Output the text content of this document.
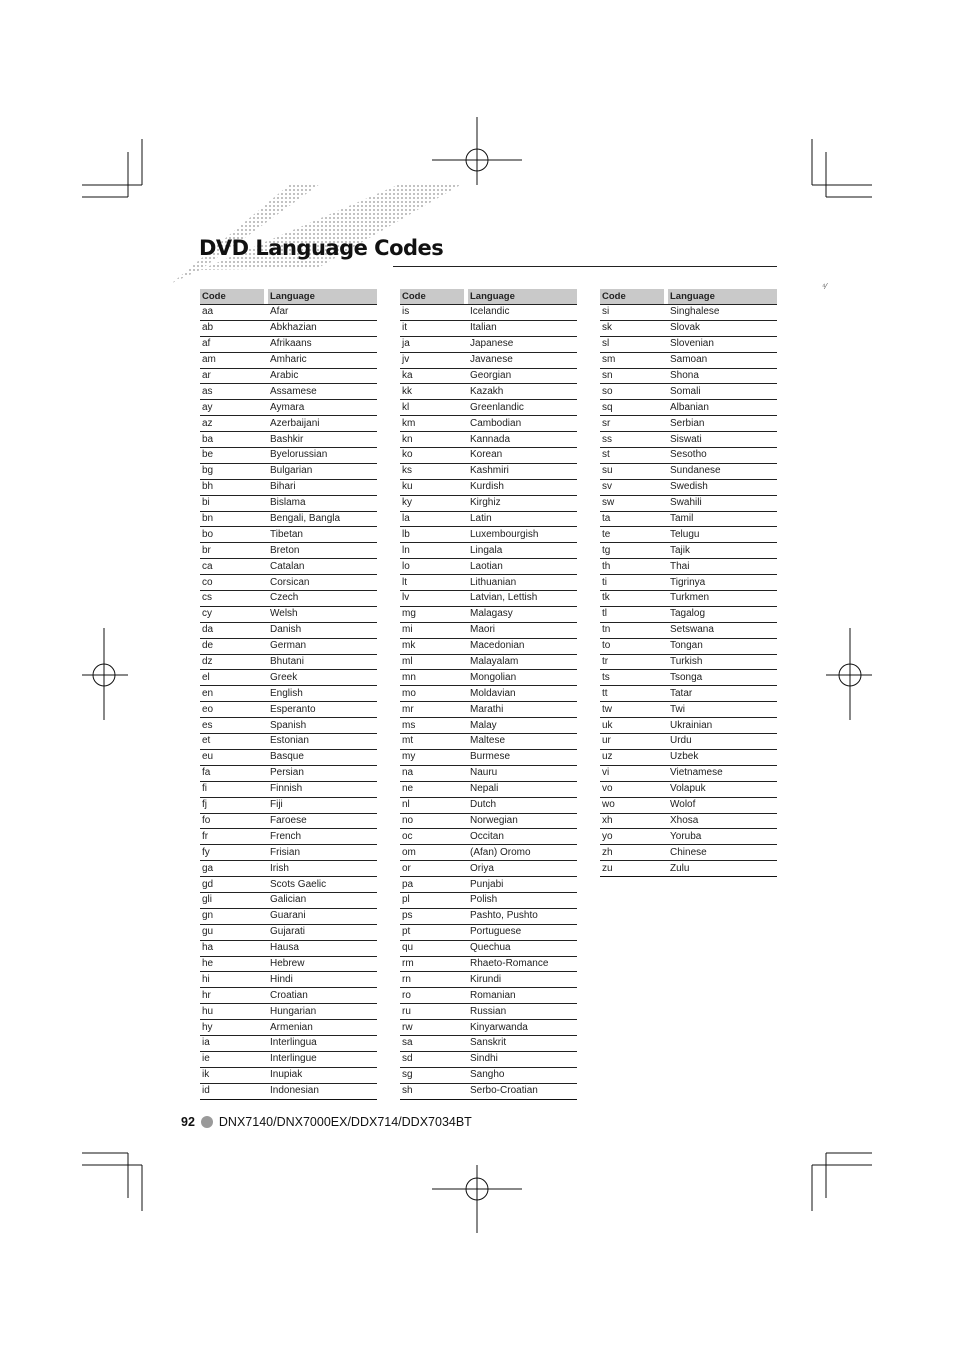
DVD Language Codes
⁴⁄
Code		Language
aa		Afar
ab		Abkhazian
af		Afrikaans
am		Amharic
ar		Arabic
as		Assamese
ay		Aymara
az		Azerbaijani
ba		Bashkir
be		Byelorussian
bg		Bulgarian
bh		Bihari
bi		Bislama
bn		Bengali, Bangla
bo		Tibetan
br		Breton
ca		Catalan
co		Corsican
cs		Czech
cy		Welsh
da		Danish
de		German
dz		Bhutani
el		Greek
en		English
eo		Esperanto
es		Spanish
et		Estonian
eu		Basque
fa		Persian
fi		Finnish
fj		Fiji
fo		Faroese
fr		French
fy		Frisian
ga		Irish
gd		Scots Gaelic
gli		Galician
gn		Guarani
gu		Gujarati
ha		Hausa
he		Hebrew
hi		Hindi
hr		Croatian
hu		Hungarian
hy		Armenian
ia		Interlingua
ie		Interlingue
ik		Inupiak
id		Indonesian
Code		Language
is		Icelandic
it		Italian
ja		Japanese
jv		Javanese
ka		Georgian
kk		Kazakh
kl		Greenlandic
km		Cambodian
kn		Kannada
ko		Korean
ks		Kashmiri
ku		Kurdish
ky		Kirghiz
la		Latin
lb		Luxembourgish
ln		Lingala
lo		Laotian
lt		Lithuanian
lv		Latvian, Lettish
mg		Malagasy
mi		Maori
mk		Macedonian
ml		Malayalam
mn		Mongolian
mo		Moldavian
mr		Marathi
ms		Malay
mt		Maltese
my		Burmese
na		Nauru
ne		Nepali
nl		Dutch
no		Norwegian
oc		Occitan
om		(Afan) Oromo
or		Oriya
pa		Punjabi
pl		Polish
ps		Pashto, Pushto
pt		Portuguese
qu		Quechua
rm		Rhaeto-Romance
rn		Kirundi
ro		Romanian
ru		Russian
rw		Kinyarwanda
sa		Sanskrit
sd		Sindhi
sg		Sangho
sh		Serbo-Croatian
Code		Language
si		Singhalese
sk		Slovak
sl		Slovenian
sm		Samoan
sn		Shona
so		Somali
sq		Albanian
sr		Serbian
ss		Siswati
st		Sesotho
su		Sundanese
sv		Swedish
sw		Swahili
ta		Tamil
te		Telugu
tg		Tajik
th		Thai
ti		Tigrinya
tk		Turkmen
tl		Tagalog
tn		Setswana
to		Tongan
tr		Turkish
ts		Tsonga
tt		Tatar
tw		Twi
uk		Ukrainian
ur		Urdu
uz		Uzbek
vi		Vietnamese
vo		Volapuk
wo		Wolof
xh		Xhosa
yo		Yoruba
zh		Chinese
zu		Zulu
92 DNX7140/DNX7000EX/DDX714/DDX7034BT
